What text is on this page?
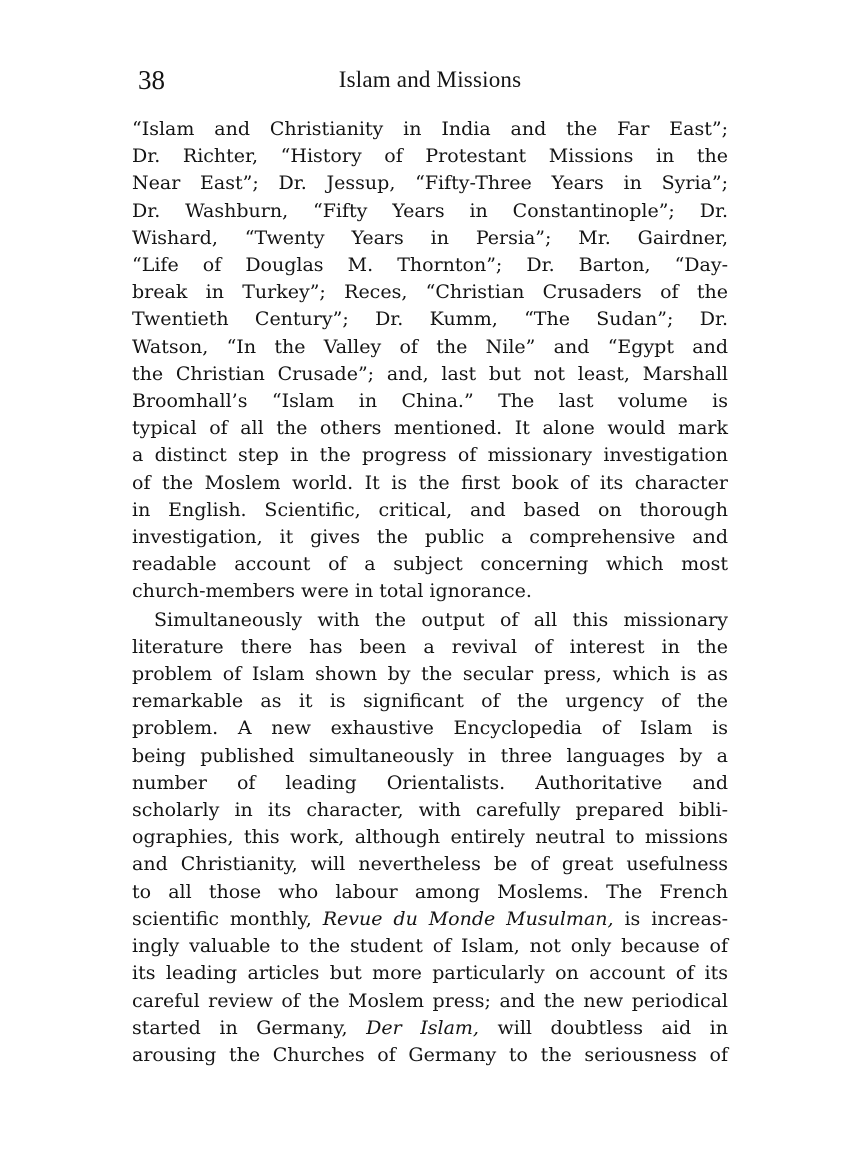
38	Islam and Missions

“Islam and Christianity in India and the Far East”;
Dr. Richter, “History of Protestant Missions in the
Near East”; Dr. Jessup, “Fifty-Three Years in Syria”;
Dr. Washburn, “Fifty Years in Constantinople”; Dr.
Wishard, “Twenty Years in Persia”; Mr. Gairdner,
“Life of Douglas M. Thornton”; Dr. Barton, “Day-
break in Turkey”; Reces, “Christian Crusaders of the
Twentieth Century”; Dr. Kumm, “The Sudan”; Dr.
Watson, “In the Valley of the Nile” and “Egypt and
the Christian Crusade”; and, last but not least, Marshall
Broomhall’s “Islam in China.” The last volume is
typical of all the others mentioned. It alone would mark
a distinct step in the progress of missionary investigation
of the Moslem world. It is the first book of its character
in English. Scientific, critical, and based on thorough
investigation, it gives the public a comprehensive and
readable account of a subject concerning which most
church-members were in total ignorance.

Simultaneously with the output of all this missionary
literature there has been a revival of interest in the
problem of Islam shown by the secular press, which is as
remarkable as it is significant of the urgency of the
problem. A new exhaustive Encyclopedia of Islam is
being published simultaneously in three languages by a
number of leading Orientalists. Authoritative and
scholarly in its character, with carefully prepared bibli-
ographies, this work, although entirely neutral to missions
and Christianity, will nevertheless be of great usefulness
to all those who labour among Moslems. The French
scientific monthly, Revue du Monde Musulman, is increas-
ingly valuable to the student of Islam, not only because of
its leading articles but more particularly on account of its
careful review of the Moslem press; and the new periodical
started in Germany, Der Islam, will doubtless aid in
arousing the Churches of Germany to the seriousness of
